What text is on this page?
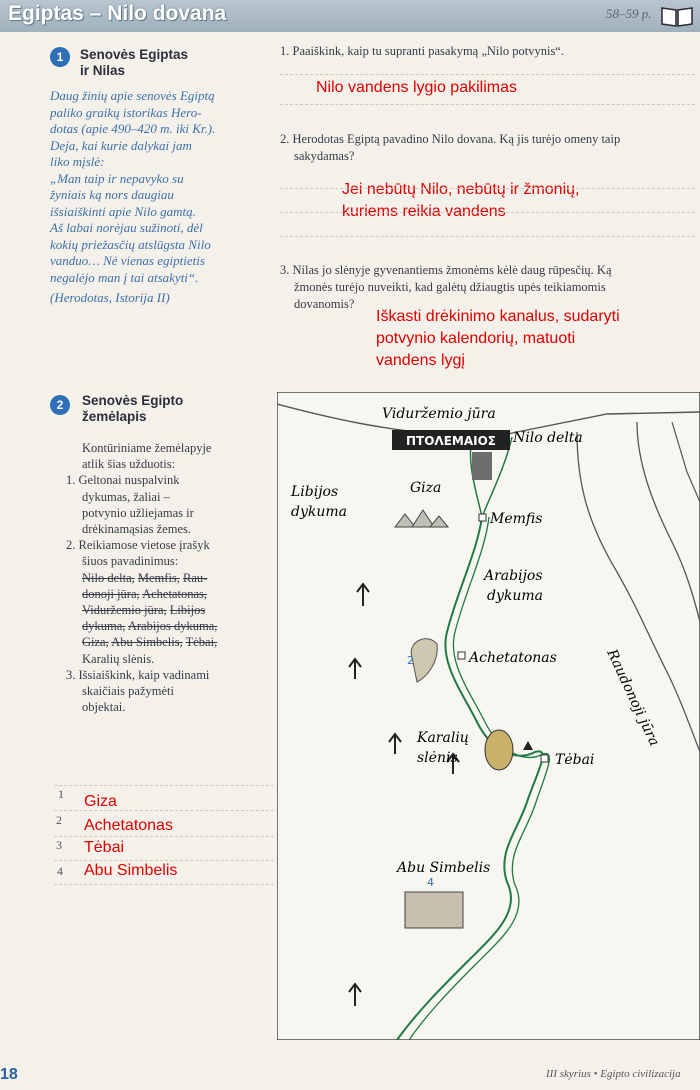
Egiptas – Nilo dovana	58–59 p.
1	Senovės Egiptas
ir Nilas
Daug žinių apie senovės Egiptą
paliko graikų istorikas Hero-
dotas (apie 490–420 m. iki Kr.).
Deja, kai kurie dalykai jam
liko mįslė:
„Man taip ir nepavyko su
žyniais ką nors daugiau
išsiaiškinti apie Nilo gamtą.
Aš labai norėjau sužinoti, dėl
kokių priežasčių atslūgsta Nilo
vanduo… Nė vienas egiptietis
negalėjo man į tai atsakyti“.
(Herodotas, Istorija II)
1. Paaiškink, kaip tu supranti pasakymą „Nilo potvynis“.
Nilo vandens lygio pakilimas
2. Herodotas Egiptą pavadino Nilo dovana. Ką jis turėjo omeny taip
sakydamas?
Jei nebūtų Nilo, nebūtų ir žmonių,
kuriems reikia vandens
3. Nilas jo slėnyje gyvenantiems žmonėms kėlė daug rūpesčių. Ką
žmonės turėjo nuveikti, kad galėtų džiaugtis upės teikiamomis
dovanomis?
Iškasti drėkinimo kanalus, sudaryti
potvynio kalendorių, matuoti
vandens lygį
2	Senovės Egipto
žemėlapis
Kontūriniame žemėlapyje
atlik šias užduotis:
1. Geltonai nuspalvink
dykumas, žaliai –
potvynio užliejamas ir
drėkinamąsias žemes.
2. Reikiamose vietose įrašyk
šiuos pavadinimus:
Nilo delta, Memfis, Rau-
donoji jūra, Achetatonas,
Viduržemio jūra, Libijos
dykuma, Arabijos dykuma,
Giza, Abu Simbelis, Tėbai,
Karalių slėnis.
3. Išsiaiškink, kaip vadinami
skaičiais pažymėti
objektai.
1 Giza
2 Achetatonas
3 Tėbai
4 Abu Simbelis
ΠΤΟΛΕΜΑΙΟΣ
Viduržemio jūra
Nilo delta
Libijos
dykuma
Giza
Memfis
Arabijos
dykuma
Achetatonas
Karalių
slėnis	Tėbai
Abu Simbelis
Raudonoji jūra
2
4
18	III skyrius • Egipto civilizacija
